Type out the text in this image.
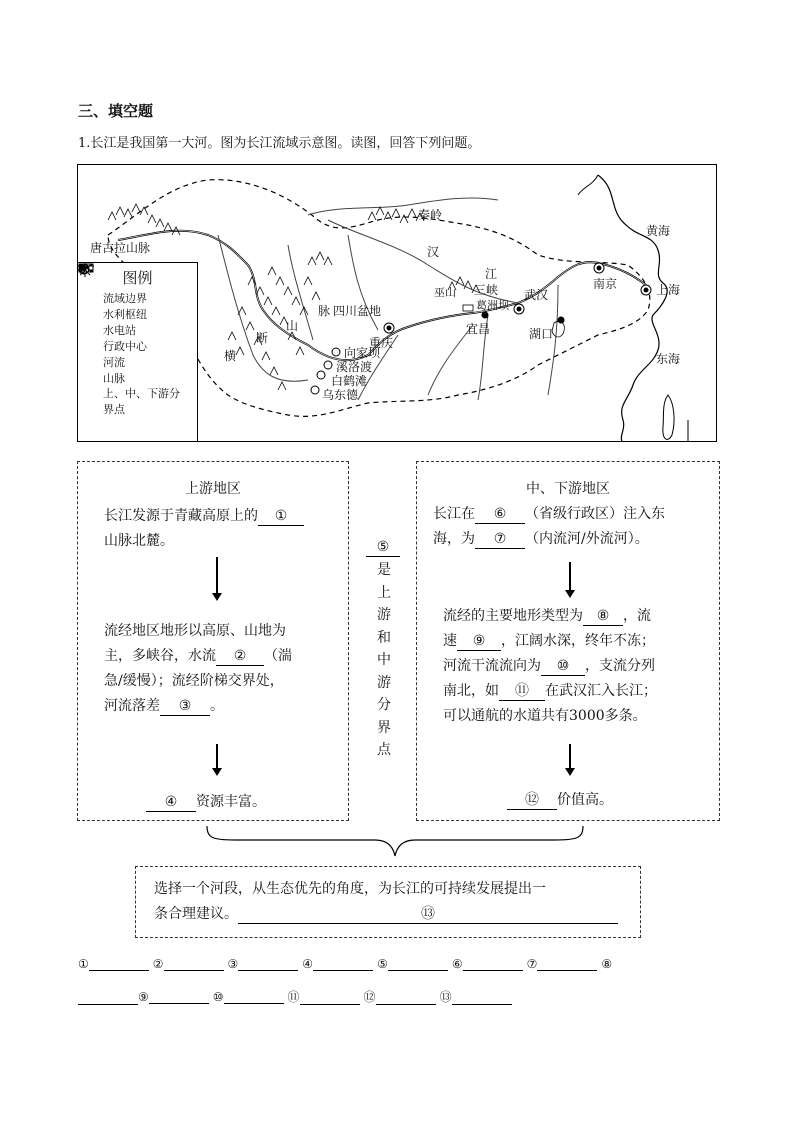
三、填空题
1.长江是我国第一大河。图为长江流域示意图。读图，回答下列问题。
秦岭
黄海
唐古拉山脉	汉
江
三峡
巫山
葛洲坝
武汉
南京	上海
宜昌	湖口
脉 四川盆地
重庆
向家坝
溪洛渡
白鹤滩
乌东德
东海
横
断
山
图例
流域边界
水利枢纽
水电站
行政中心
河流
山脉
上、中、下游分界点
上游地区
长江发源于青藏高原上的 ①
山脉北麓。
流经地区地形以高原、山地为
主，多峡谷，水流 ② （湍
急/缓慢）；流经阶梯交界处，
河流落差 ③ 。
④ 资源丰富。
⑤
是
上
游
和
中
游
分
界
点
中、下游地区
长江在 ⑥ （省级行政区）注入东
海，为 ⑦ （内流河/外流河）。
流经的主要地形类型为 ⑧ ，流
速 ⑨ ，江阔水深，终年不冻；
河流干流流向为 ⑩ ，支流分列
南北，如 ⑪ 在武汉汇入长江；
可以通航的水道共有3000多条。
⑫ 价值高。
选择一个河段，从生态优先的角度，为长江的可持续发展提出一
条合理建议。	⑬
①	②	③	④	⑤	⑥	⑦	⑧
⑨	⑩	⑪	⑫	⑬
